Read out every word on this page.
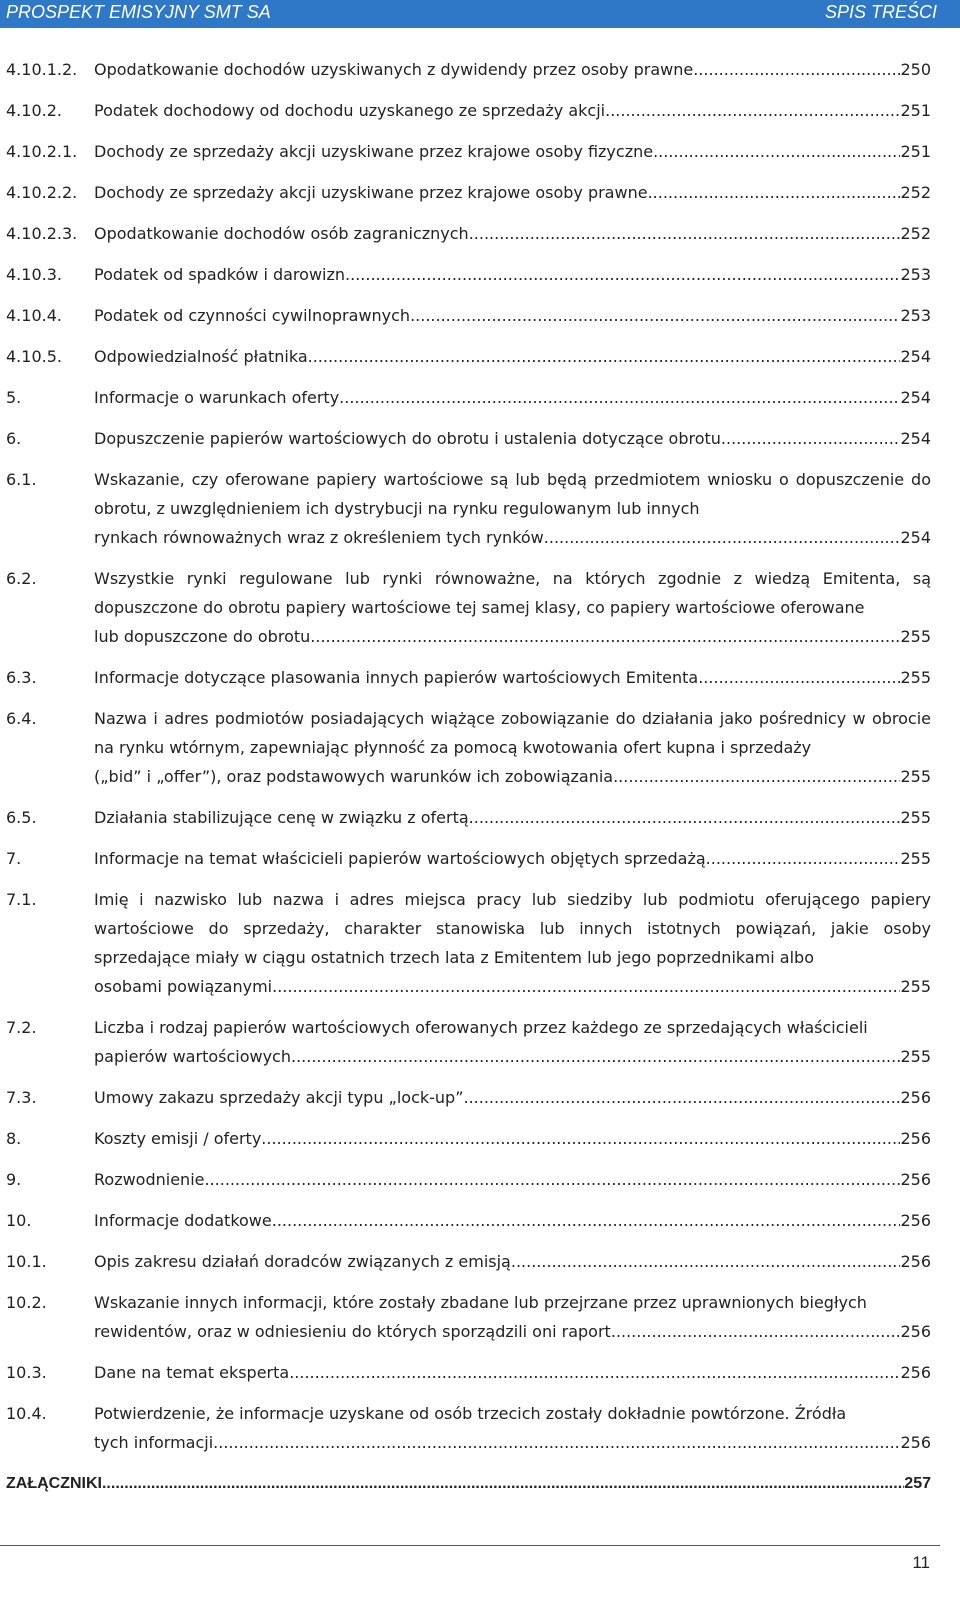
PROSPEKT EMISYJNY SMT SA	SPIS TREŚCI
4.10.1.2.	Opodatkowanie dochodów uzyskiwanych z dywidendy przez osoby prawne .....	250
4.10.2.	Podatek dochodowy od dochodu uzyskanego ze sprzedaży akcji .....	251
4.10.2.1.	Dochody ze sprzedaży akcji uzyskiwane przez krajowe osoby fizyczne .....	251
4.10.2.2.	Dochody ze sprzedaży akcji uzyskiwane przez krajowe osoby prawne .....	252
4.10.2.3.	Opodatkowanie dochodów osób zagranicznych .....	252
4.10.3.	Podatek od spadków i darowizn .....	253
4.10.4.	Podatek od czynności cywilnoprawnych .....	253
4.10.5.	Odpowiedzialność płatnika .....	254
5.	Informacje o warunkach oferty .....	254
6.	Dopuszczenie papierów wartościowych do obrotu i ustalenia dotyczące obrotu .....	254
6.1.	Wskazanie, czy oferowane papiery wartościowe są lub będą przedmiotem wniosku o dopuszczenie do obrotu, z uwzględnieniem ich dystrybucji na rynku regulowanym lub innych
rynkach równoważnych wraz z określeniem tych rynków .....	254
6.2.	Wszystkie rynki regulowane lub rynki równoważne, na których zgodnie z wiedzą Emitenta, są dopuszczone do obrotu papiery wartościowe tej samej klasy, co papiery wartościowe oferowane
lub dopuszczone do obrotu .....	255
6.3.	Informacje dotyczące plasowania innych papierów wartościowych Emitenta .....	255
6.4.	Nazwa i adres podmiotów posiadających wiążące zobowiązanie do działania jako pośrednicy w obrocie na rynku wtórnym, zapewniając płynność za pomocą kwotowania ofert kupna i sprzedaży
(„bid” i „offer”), oraz podstawowych warunków ich zobowiązania .....	255
6.5.	Działania stabilizujące cenę w związku z ofertą .....	255
7.	Informacje na temat właścicieli papierów wartościowych objętych sprzedażą .....	255
7.1.	Imię i nazwisko lub nazwa i adres miejsca pracy lub siedziby lub podmiotu oferującego papiery wartościowe do sprzedaży, charakter stanowiska lub innych istotnych powiązań, jakie osoby sprzedające miały w ciągu ostatnich trzech lata z Emitentem lub jego poprzednikami albo
osobami powiązanymi .....	255
7.2.	Liczba i rodzaj papierów wartościowych oferowanych przez każdego ze sprzedających właścicieli
papierów wartościowych .....	255
7.3.	Umowy zakazu sprzedaży akcji typu „lock-up” .....	256
8.	Koszty emisji / oferty .....	256
9.	Rozwodnienie .....	256
10.	Informacje dodatkowe .....	256
10.1.	Opis zakresu działań doradców związanych z emisją .....	256
10.2.	Wskazanie innych informacji, które zostały zbadane lub przejrzane przez uprawnionych biegłych
rewidentów, oraz w odniesieniu do których sporządzili oni raport .....	256
10.3.	Dane na temat eksperta .....	256
10.4.	Potwierdzenie, że informacje uzyskane od osób trzecich zostały dokładnie powtórzone. Źródła
tych informacji .....	256
ZAŁĄCZNIKI .....	257
11
